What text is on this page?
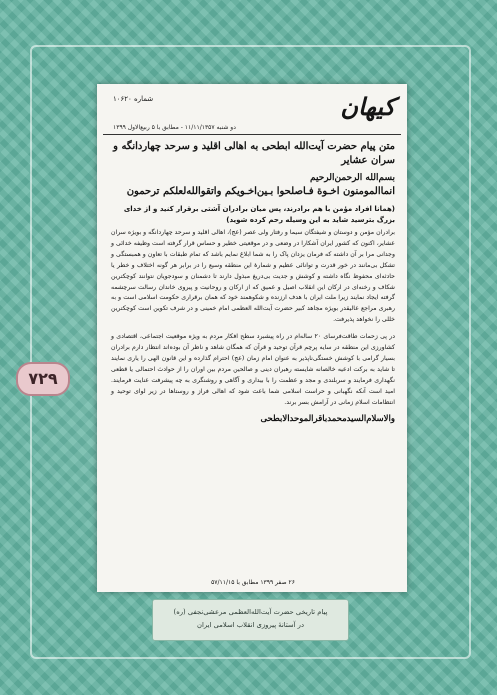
۷۲۹
کیهان
شماره ۱۰۶۲۰
دو شنبه ۱۱/۱۱/۱۳۵۷ - مطابق با ۵ ربیع‌الاول ۱۳۹۹

متن پیام حضرت آیت‌الله ابطحی به اهالی اقلید و سرحد چهاردانگه و سران عشایر

بسم‌الله الرحمن‌الرحیم

انما‌المومنون اخـوة فـاصلحوا بـين‌اخـويكم واتقوالله‌لعلكم ترحمون

(همانا افراد مؤمن با هم برادرند، پس میان برادران آشتی برقرار کنید و از خدای بزرگ بترسید شاید به این وسیله رحم کرده شوید)

برادران مؤمن و دوستان و شیفتگان سیما و رفتار ولی عصر (عج)، اهالی اقلید و سرحد چهاردانگه و بویژه سران عشایر، اکنون که کشور ایران آشکارا در وضعی و در موقعیتی خطیر و حساس قرار گرفته است وظیفه خدائی و وجدانی مرا بر آن داشته که فرمان یزدان پاک را به شما ابلاغ نمایم باشد که تمام طبقات با تعاون و همبستگی و تشکل بی‌مانند در خور قدرت و توانائی عظیم و شمارهٔ این منطقه وسیع را در برابر هر گونه اختلاف و خطر یا حادثه‌ای محفوظ نگاه داشته و کوشش و جدیت بی‌دریغ مبذول دارند تا دشمنان و سودجویان نتوانند کوچکترین شکاف و رخنه‌ای در ارکان این انقلاب اصیل و عمیق که از ارکان و روحانیت و پیروی خاندان رسالت سرچشمه گرفته ایجاد نمایند زیرا ملت ایران با هدف ارزنده و شکوهمند خود که همان برقراری حکومت اسلامی است و به رهبری مراجع عالیقدر بویژه مجاهد کبیر حضرت آیت‌الله العظمی امام خمینی و در شرف تکوین است کوچکترین خللی را نخواهد پذیرفت.

در پی زحمات طاقت‌فرسای ۲۰ ساله‌ام در راه پیشبرد سطح افکار مردم به ویژه موقعیت اجتماعی، اقتصادی و کشاورزی این منطقه در سایه پرچم قرآن توحید و قرآن که همگان شاهد و ناظر آن بوده‌اند انتظار دارم برادران بسیار گرامی با کوشش خستگی‌ناپذیر به عنوان امام زمان (عج) احترام گذارده و این قانون الهی را یاری نمایند تا شاید به برکت ادعیه خالصانه شایسته رهبران دینی و صالحین مردم بین اوران را از حوادث احتمالی یا قطعی نگهداری فرمایند و سربلندی و مجد و عظمت را با بیداری و آگاهی و روشنگری به چه پیشرفت عنایت فرمایند. امید است آنکه نگهبانی و حراست اسلامی شما باعث شود که اهالی فراز و روستاها در زیر لوای توحید و انتظامات اسلام زمانی در آرامش بسر برند.

والاسلام‌السید‌محمد‌باقرالموحد‌الابطحی

۲۶ صفر ۱۳۹۹ مطابق با ۵۷/۱۱/۱۵

پیام تاریخی حضرت آیت‌الله‌العظمی مرعشی‌نجفی (ره)

در آستانهٔ پیروزی انقلاب اسلامی ایران
